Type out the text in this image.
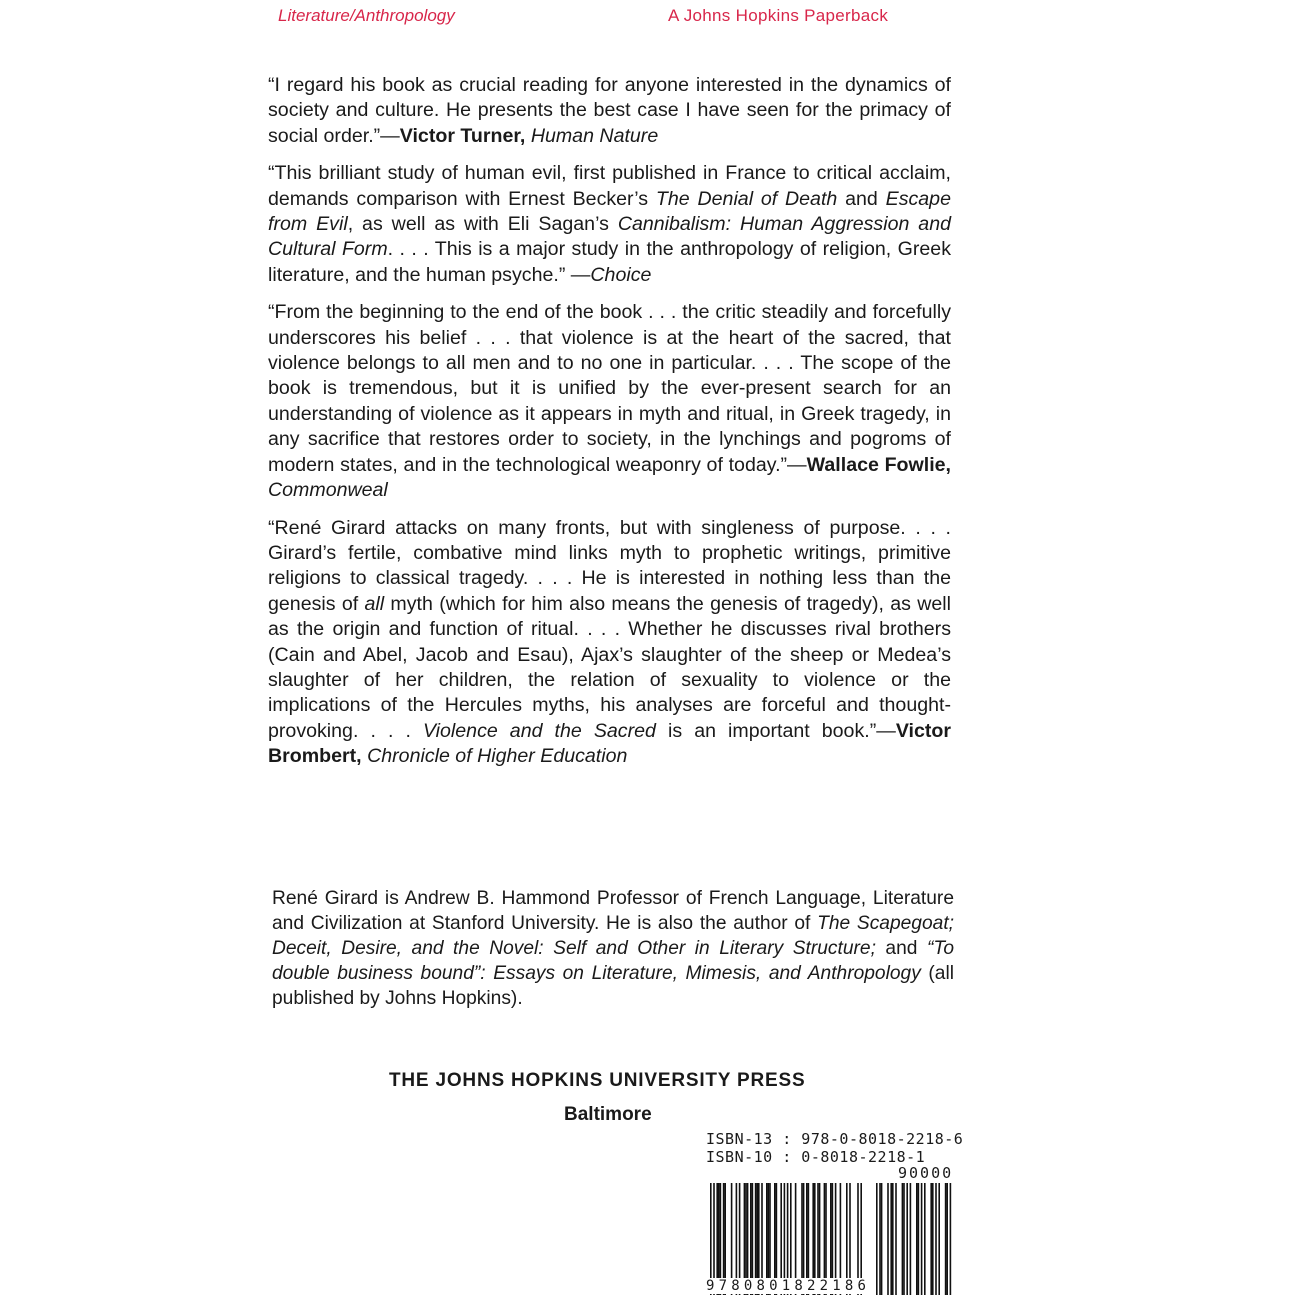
Literature/Anthropology	A Johns Hopkins Paperback

“I regard his book as crucial reading for anyone interested in the dynamics of society and culture. He presents the best case I have seen for the primacy of social order.”—Victor Turner, Human Nature

“This brilliant study of human evil, first published in France to critical acclaim, demands comparison with Ernest Becker’s The Denial of Death and Escape from Evil, as well as with Eli Sagan’s Cannibalism: Human Aggression and Cultural Form. . . . This is a major study in the anthropology of religion, Greek literature, and the human psyche.” —Choice

“From the beginning to the end of the book . . . the critic steadily and forcefully underscores his belief . . . that violence is at the heart of the sacred, that violence belongs to all men and to no one in particular. . . . The scope of the book is tremendous, but it is unified by the ever-present search for an understanding of violence as it appears in myth and ritual, in Greek tragedy, in any sacrifice that restores order to society, in the lynchings and pogroms of modern states, and in the technological weaponry of today.”—Wallace Fowlie, Commonweal

“René Girard attacks on many fronts, but with singleness of purpose. . . . Girard’s fertile, combative mind links myth to prophetic writings, primitive religions to classical tragedy. . . . He is interested in nothing less than the genesis of all myth (which for him also means the genesis of tragedy), as well as the origin and function of ritual. . . . Whether he discusses rival brothers (Cain and Abel, Jacob and Esau), Ajax’s slaughter of the sheep or Medea’s slaughter of her children, the relation of sexuality to violence or the implications of the Hercules myths, his analyses are forceful and thought-provoking. . . . Violence and the Sacred is an important book.”—Victor Brombert, Chronicle of Higher Education

René Girard is Andrew B. Hammond Professor of French Language, Literature and Civilization at Stanford University. He is also the author of The Scapegoat; Deceit, Desire, and the Novel: Self and Other in Literary Structure; and “To double business bound”: Essays on Literature, Mimesis, and Anthropology (all published by Johns Hopkins).

THE JOHNS HOPKINS UNIVERSITY PRESS
Baltimore
ISBN-13 : 978-0-8018-2218-6
ISBN-10 : 0-8018-2218-1
90000
9 7 8 0 8 0 1 8 2 2 1 8 6
